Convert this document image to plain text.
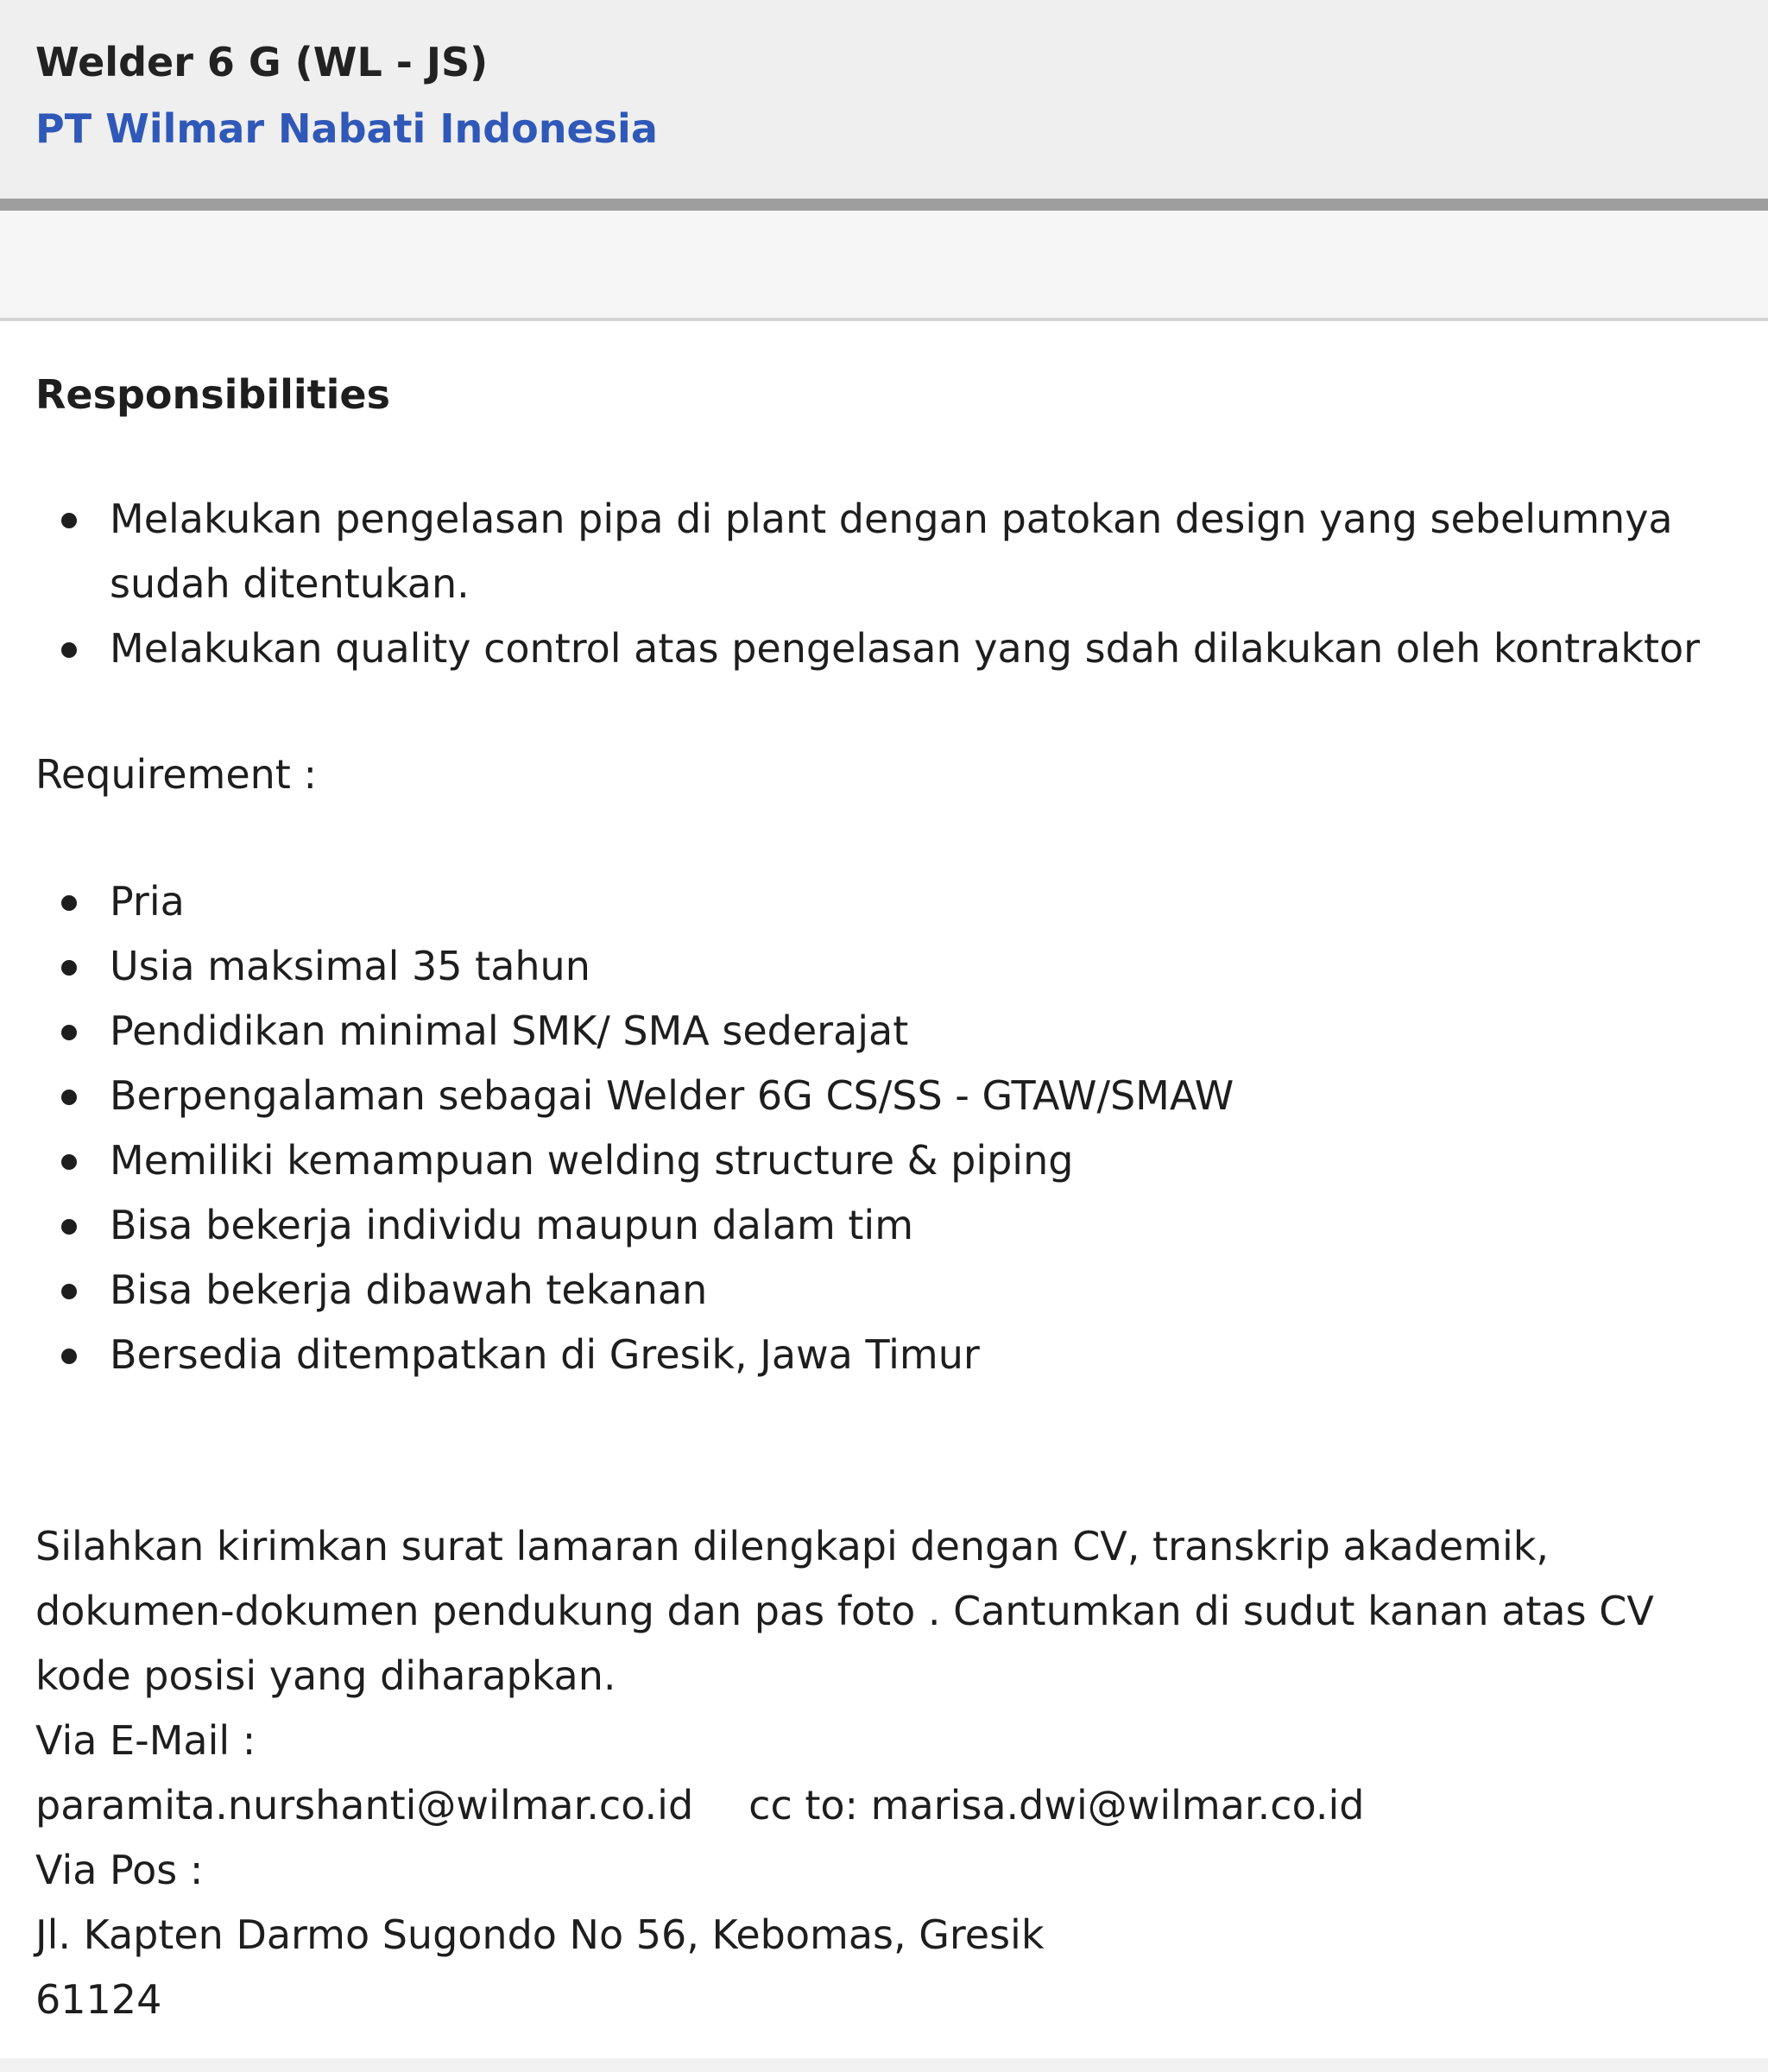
Welder 6 G (WL - JS)
PT Wilmar Nabati Indonesia

Responsibilities

Melakukan pengelasan pipa di plant dengan patokan design yang sebelumnya sudah ditentukan.
Melakukan quality control atas pengelasan yang sdah dilakukan oleh kontraktor

Requirement :

Pria
Usia maksimal 35 tahun
Pendidikan minimal SMK/ SMA sederajat
Berpengalaman sebagai Welder 6G CS/SS - GTAW/SMAW
Memiliki kemampuan welding structure & piping
Bisa bekerja individu maupun dalam tim
Bisa bekerja dibawah tekanan
Bersedia ditempatkan di Gresik, Jawa Timur
Silahkan kirimkan surat lamaran dilengkapi dengan CV, transkrip akademik,
dokumen-dokumen pendukung dan pas foto . Cantumkan di sudut kanan atas CV
kode posisi yang diharapkan.
Via E-Mail :
paramita.nurshanti@wilmar.co.id cc to: marisa.dwi@wilmar.co.id
Via Pos :
Jl. Kapten Darmo Sugondo No 56, Kebomas, Gresik
61124
